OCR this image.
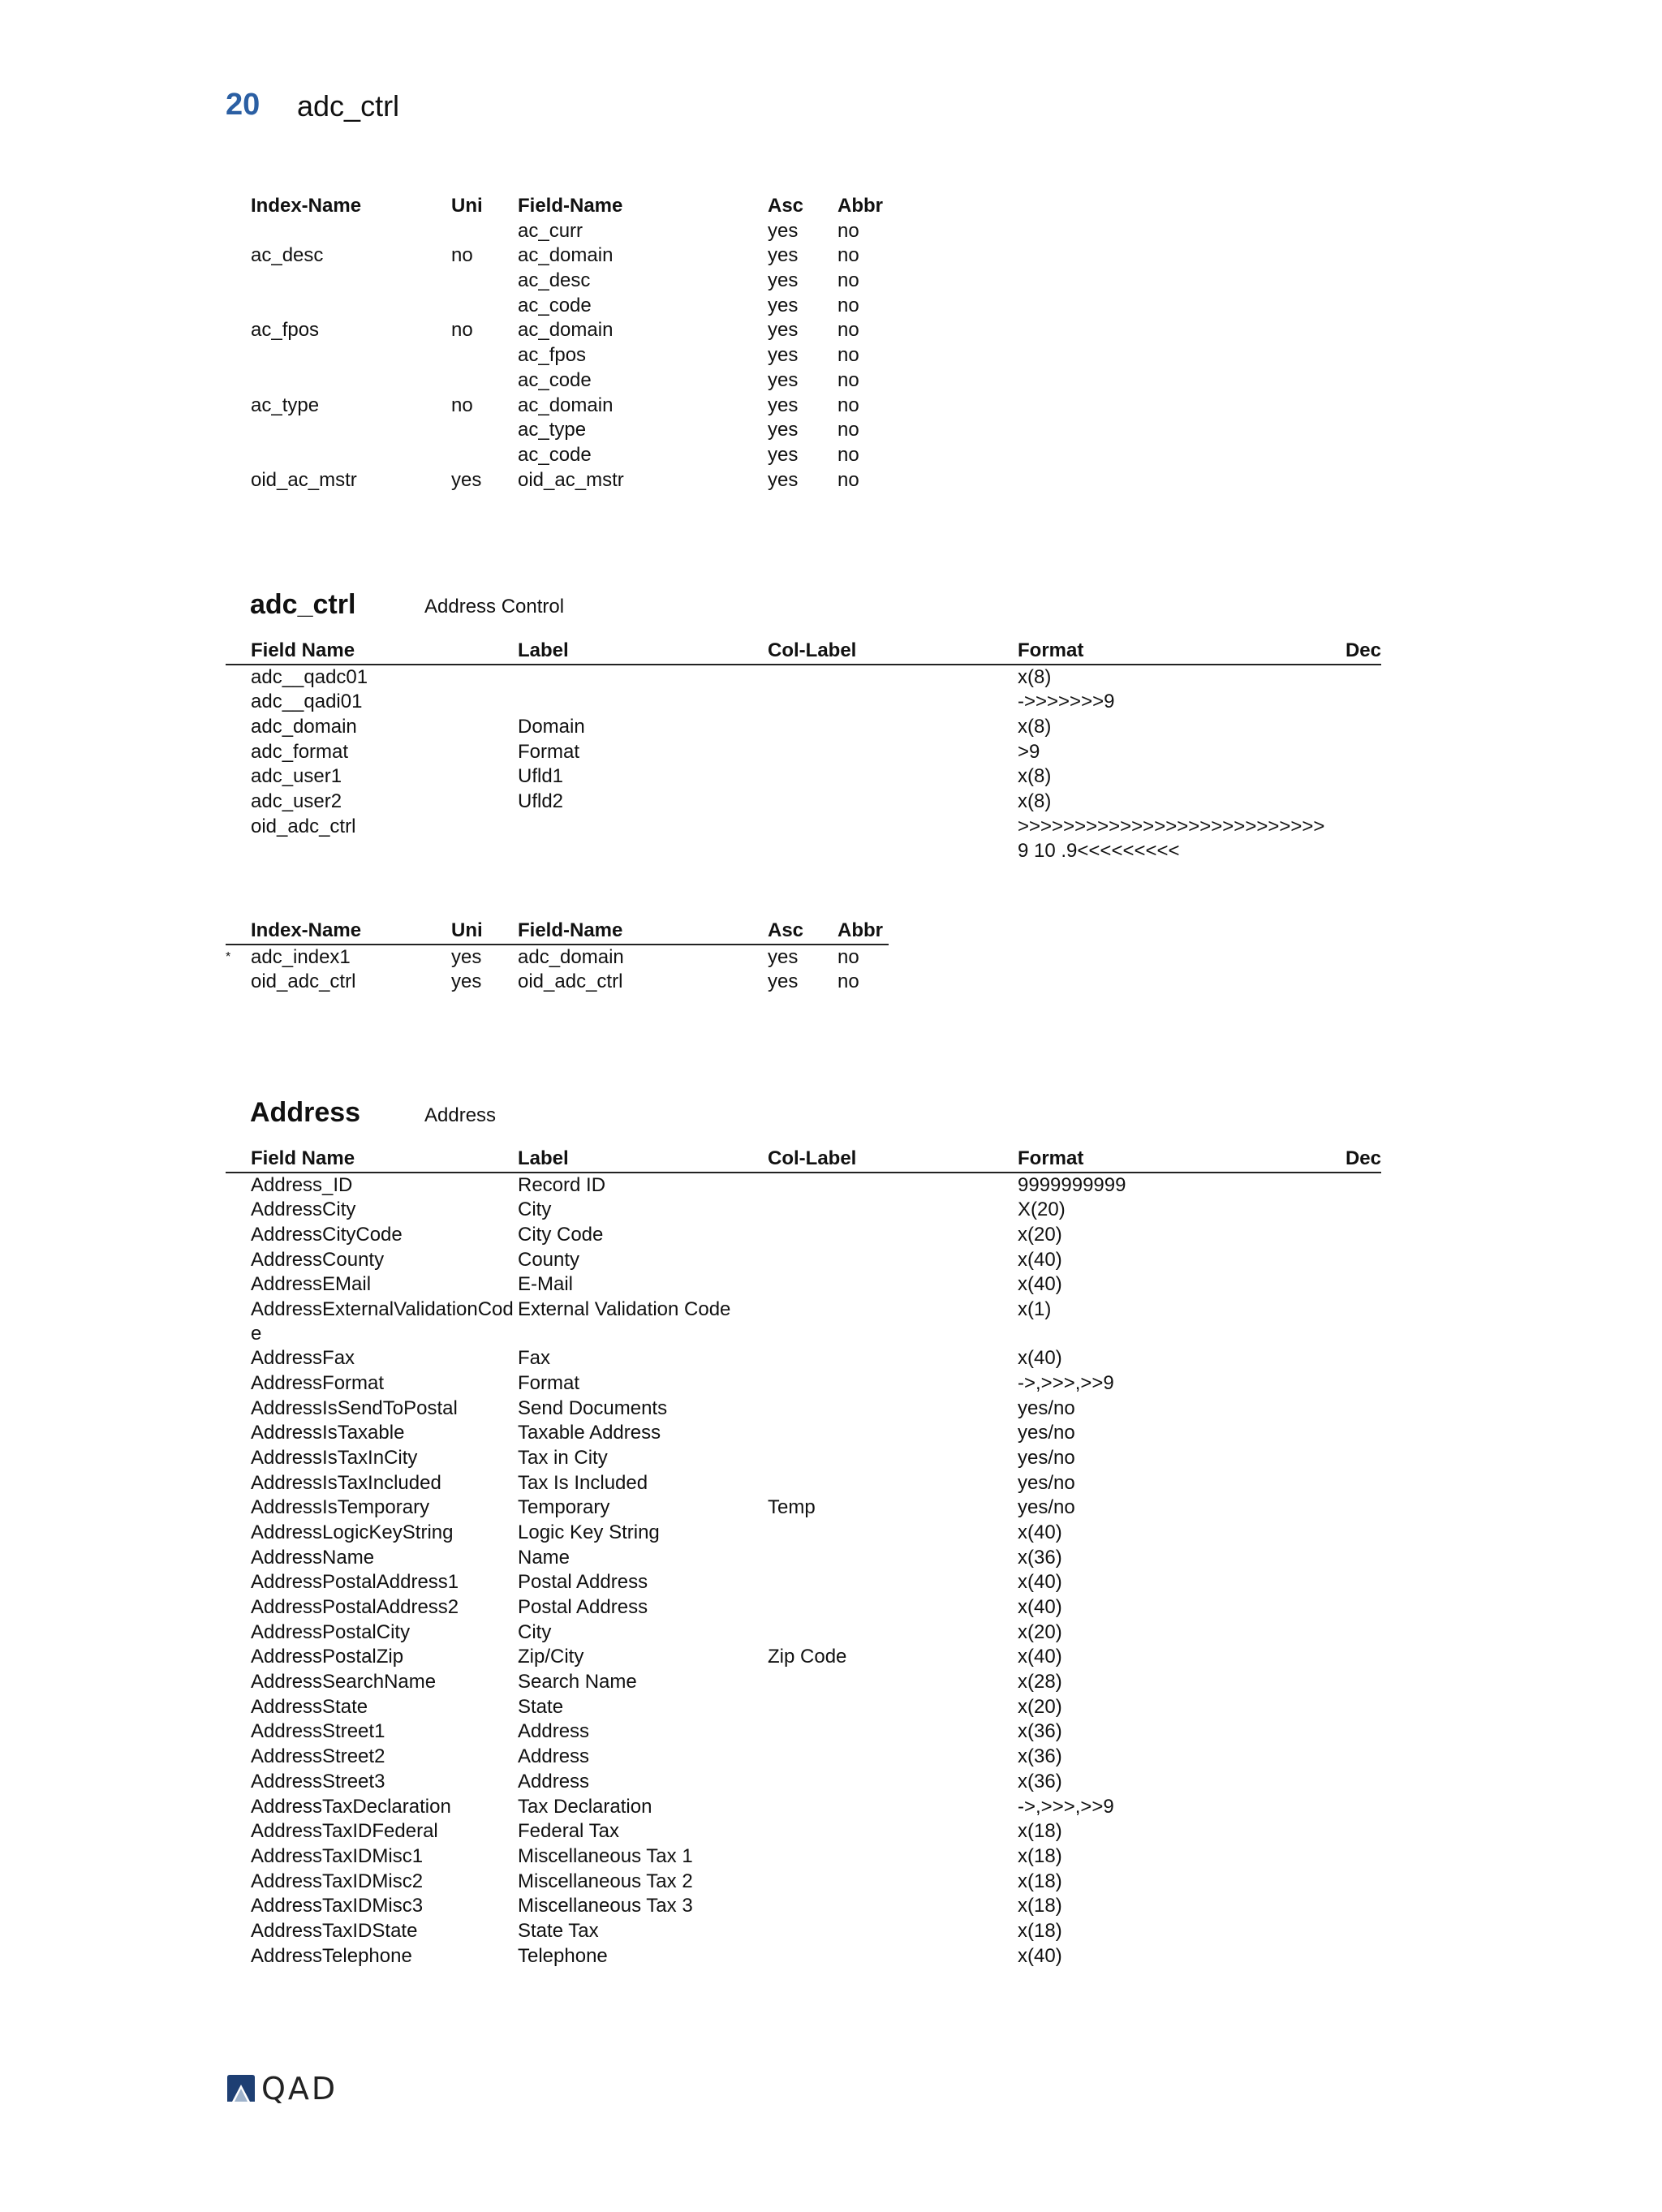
20 adc_ctrl
Index-Name	Uni	Field-Name	Asc	Abbr
		ac_curr	yes	no
ac_desc	no	ac_domain	yes	no
		ac_desc	yes	no
		ac_code	yes	no
ac_fpos	no	ac_domain	yes	no
		ac_fpos	yes	no
		ac_code	yes	no
ac_type	no	ac_domain	yes	no
		ac_type	yes	no
		ac_code	yes	no
oid_ac_mstr	yes	oid_ac_mstr	yes	no
adc_ctrl	Address Control
	Field Name	Label	Col-Label	Format	Dec
	adc__qadc01			x(8)	
	adc__qadi01			->>>>>>>9	
	adc_domain	Domain		x(8)	
	adc_format	Format		>9	
	adc_user1	Ufld1		x(8)	
	adc_user2	Ufld2		x(8)	
	oid_adc_ctrl			>>>>>>>>>>>>>>>>>>>>>>>>>>>9 10 .9<<<<<<<<<	
	Index-Name	Uni	Field-Name	Asc	Abbr
*	adc_index1	yes	adc_domain	yes	no
	oid_adc_ctrl	yes	oid_adc_ctrl	yes	no
Address	Address
	Field Name	Label	Col-Label	Format	Dec
	Address_ID	Record ID		9999999999	
	AddressCity	City		X(20)	
	AddressCityCode	City Code		x(20)	
	AddressCounty	County		x(40)	
	AddressEMail	E-Mail		x(40)	
	AddressExternalValidationCode	External Validation Code		x(1)	
	AddressFax	Fax		x(40)	
	AddressFormat	Format		->,>>>,>>9	
	AddressIsSendToPostal	Send Documents		yes/no	
	AddressIsTaxable	Taxable Address		yes/no	
	AddressIsTaxInCity	Tax in City		yes/no	
	AddressIsTaxIncluded	Tax Is Included		yes/no	
	AddressIsTemporary	Temporary	Temp	yes/no	
	AddressLogicKeyString	Logic Key String		x(40)	
	AddressName	Name		x(36)	
	AddressPostalAddress1	Postal Address		x(40)	
	AddressPostalAddress2	Postal Address		x(40)	
	AddressPostalCity	City		x(20)	
	AddressPostalZip	Zip/City	Zip Code	x(40)	
	AddressSearchName	Search Name		x(28)	
	AddressState	State		x(20)	
	AddressStreet1	Address		x(36)	
	AddressStreet2	Address		x(36)	
	AddressStreet3	Address		x(36)	
	AddressTaxDeclaration	Tax Declaration		->,>>>,>>9	
	AddressTaxIDFederal	Federal Tax		x(18)	
	AddressTaxIDMisc1	Miscellaneous Tax 1		x(18)	
	AddressTaxIDMisc2	Miscellaneous Tax 2		x(18)	
	AddressTaxIDMisc3	Miscellaneous Tax 3		x(18)	
	AddressTaxIDState	State Tax		x(18)	
	AddressTelephone	Telephone		x(40)	
QAD
